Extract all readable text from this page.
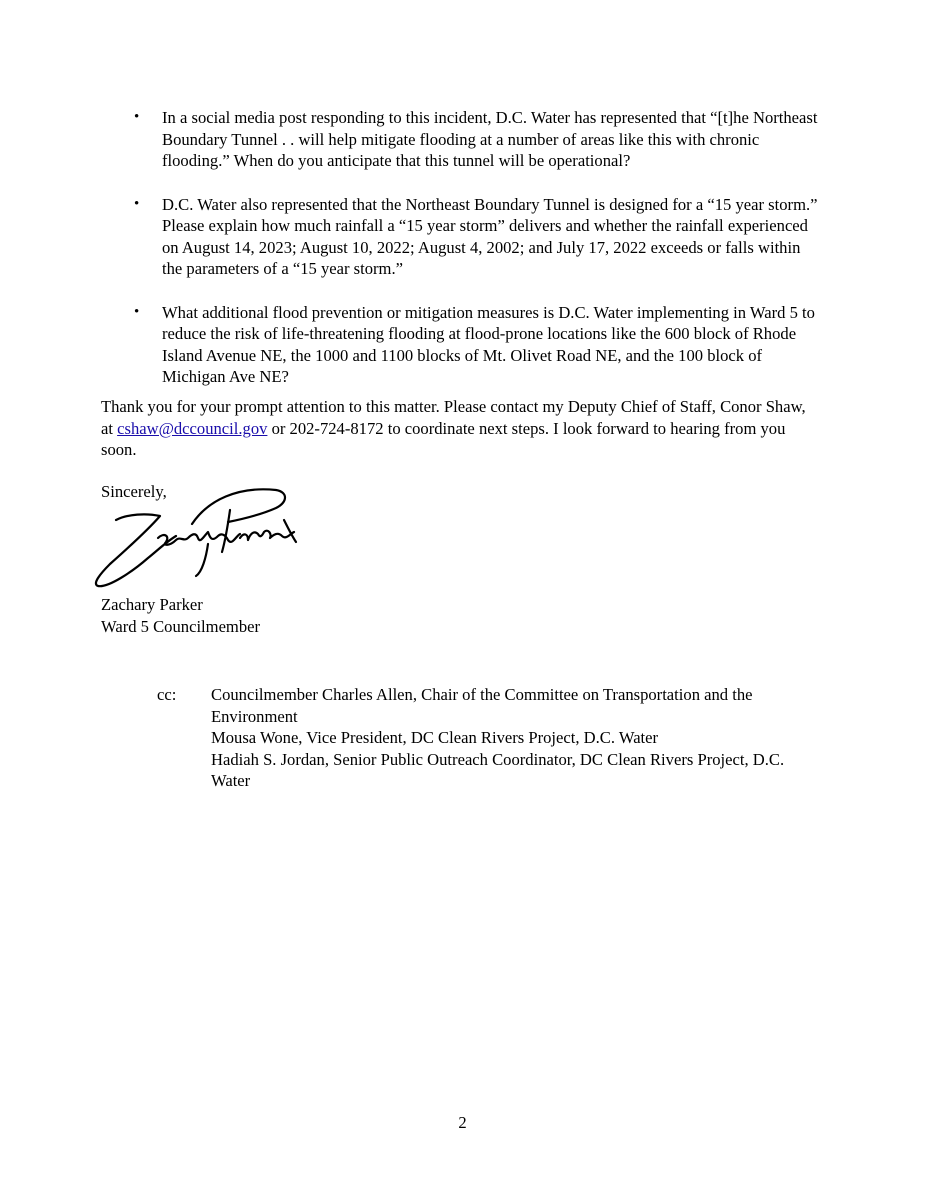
• In a social media post responding to this incident, D.C. Water has represented that “[t]he Northeast Boundary Tunnel . . will help mitigate flooding at a number of areas like this with chronic flooding.” When do you anticipate that this tunnel will be operational?
• D.C. Water also represented that the Northeast Boundary Tunnel is designed for a “15 year storm.” Please explain how much rainfall a “15 year storm” delivers and whether the rainfall experienced on August 14, 2023; August 10, 2022; August 4, 2002; and July 17, 2022 exceeds or falls within the parameters of a “15 year storm.”
• What additional flood prevention or mitigation measures is D.C. Water implementing in Ward 5 to reduce the risk of life-threatening flooding at flood-prone locations like the 600 block of Rhode Island Avenue NE, the 1000 and 1100 blocks of Mt. Olivet Road NE, and the 100 block of Michigan Ave NE?

Thank you for your prompt attention to this matter. Please contact my Deputy Chief of Staff, Conor Shaw, at cshaw@dccouncil.gov or 202-724-8172 to coordinate next steps. I look forward to hearing from you soon.

Sincerely,

Zachary Parker
Ward 5 Councilmember

cc: Councilmember Charles Allen, Chair of the Committee on Transportation and the Environment
Mousa Wone, Vice President, DC Clean Rivers Project, D.C. Water
Hadiah S. Jordan, Senior Public Outreach Coordinator, DC Clean Rivers Project, D.C. Water

2
